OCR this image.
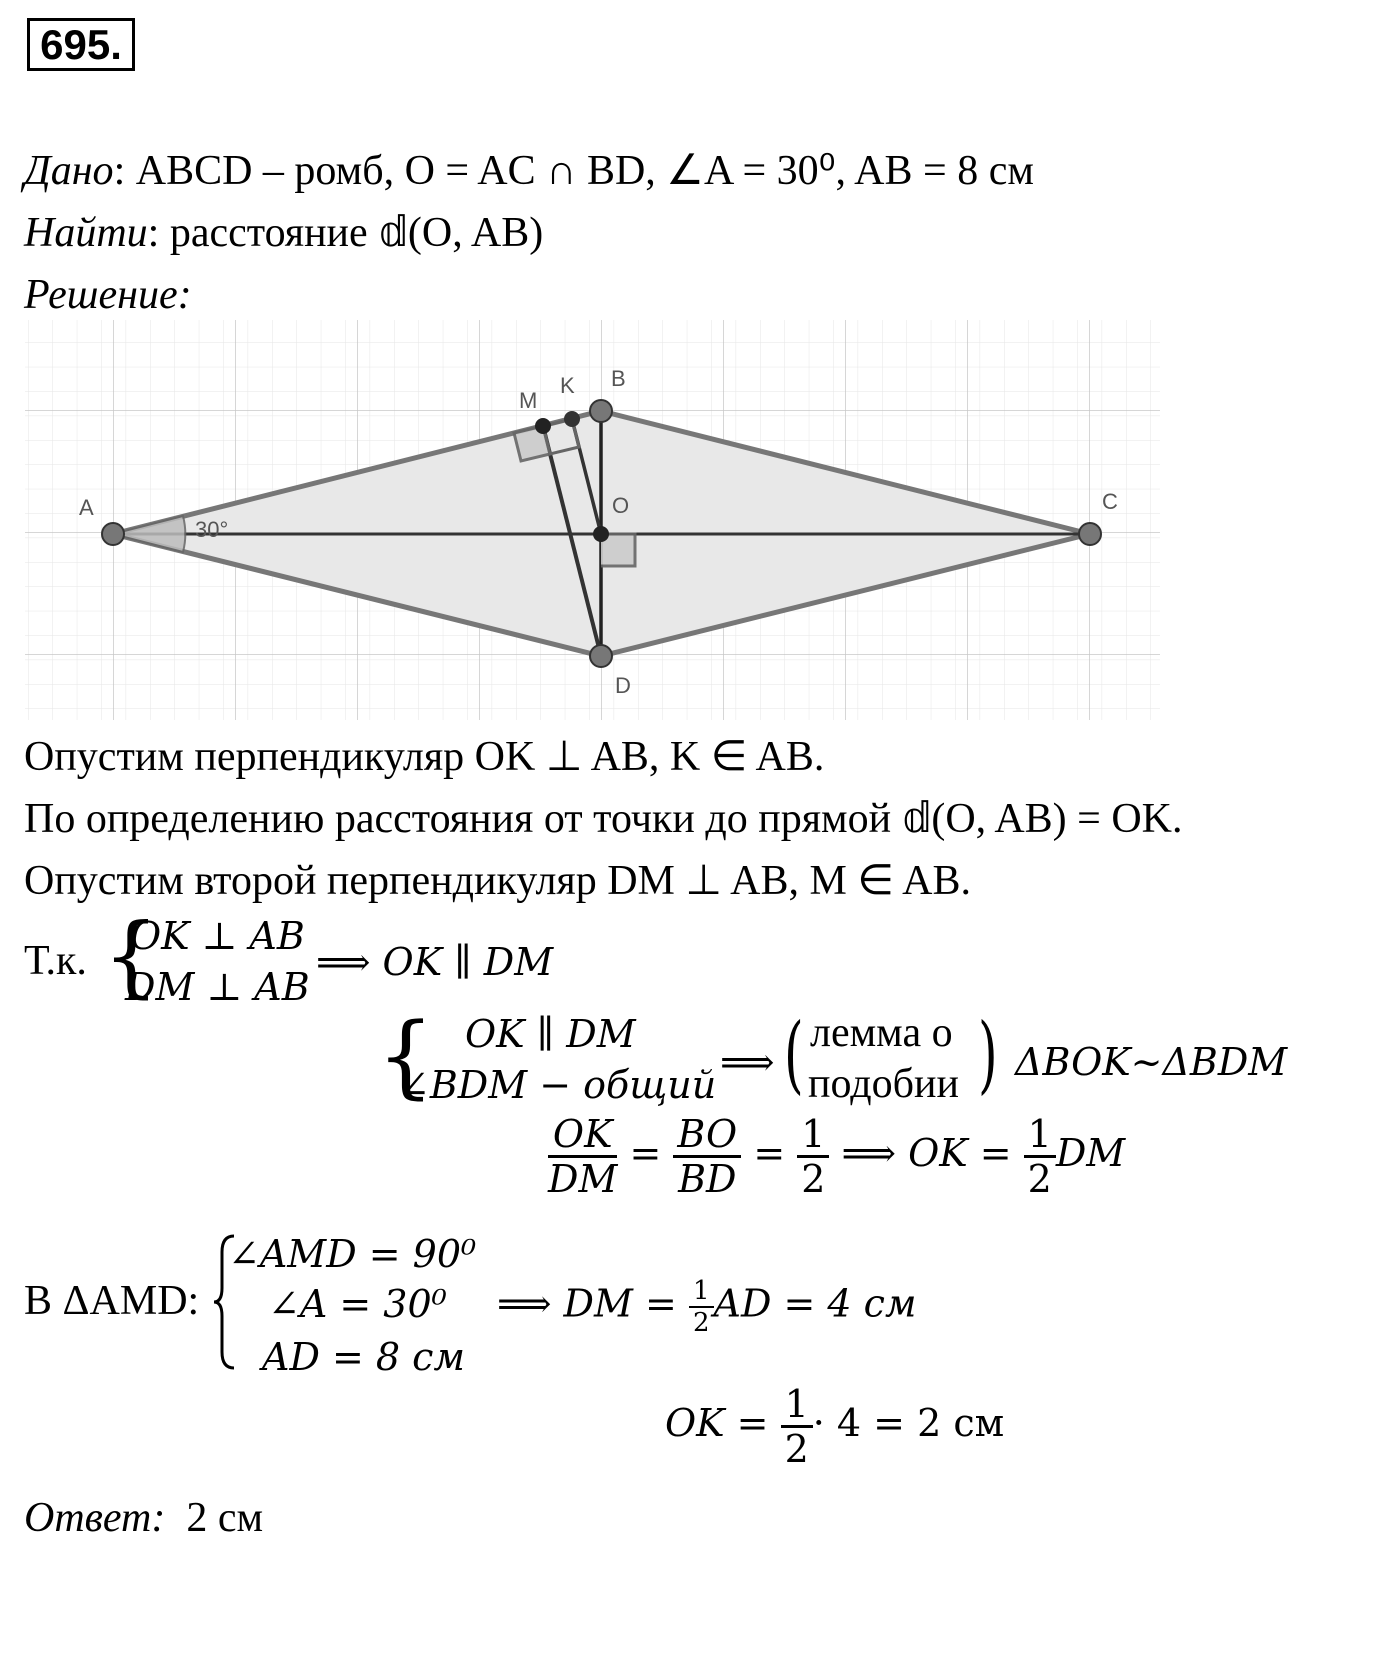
695.
Дано: ABCD – ромб, O = AC ∩ BD, ∠A = 30⁰, AB = 8 см
Найти: расстояние 𝕕(O, AB)
Решение:
30°
A
B
C
D
O
M
K
Опустим перпендикуляр OK ⊥ AB, K ∈ AB.
По определению расстояния от точки до прямой 𝕕(O, AB) = OK.
Опустим второй перпендикуляр DM ⊥ AB, M ∈ AB.
Т.к. {
OK ⊥ AB
DM ⊥ AB
⟹ OK ∥ DM
{ OK ∥ DM
∠BDM − общий
⟹ ( лемма о
подобии ) ΔBOK~ΔBDM
$\frac{OK}{DM} = \frac{BO}{BD} = \frac{1}{2}$ ⟹ OK = $\frac{1}{2}$ DM
В ΔAMD:
∠AMD = 90⁰
∠A = 30⁰
AD = 8 см
⟹ DM = $\frac{1}{2}$ AD = 4 см
OK = $\frac{1}{2} \cdot 4 = 2$ см
Ответ: 2 см
